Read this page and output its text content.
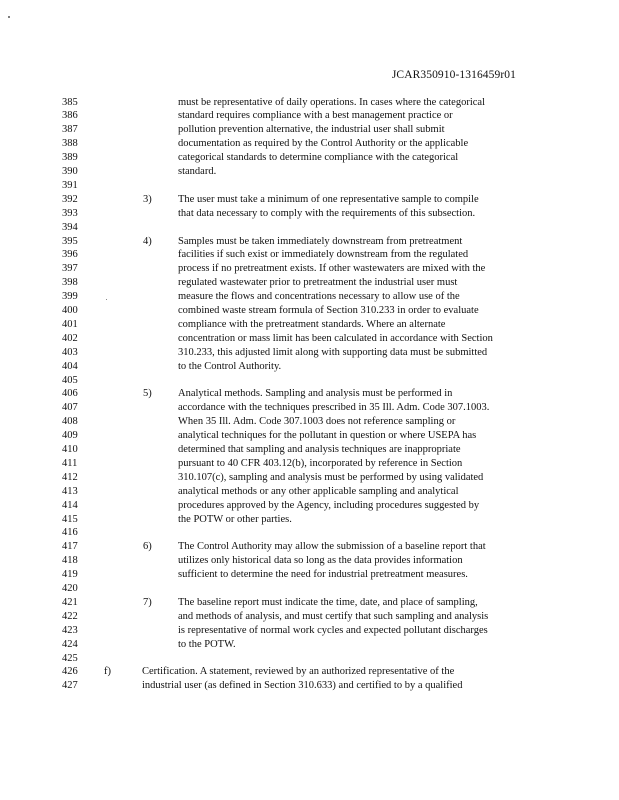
JCAR350910-1316459r01
385	must be representative of daily operations. In cases where the categorical
386	standard requires compliance with a best management practice or
387	pollution prevention alternative, the industrial user shall submit
388	documentation as required by the Control Authority or the applicable
389	categorical standards to determine compliance with the categorical
390	standard.
391
392	3)	The user must take a minimum of one representative sample to compile
393	that data necessary to comply with the requirements of this subsection.
394
395	4)	Samples must be taken immediately downstream from pretreatment
396	facilities if such exist or immediately downstream from the regulated
397	process if no pretreatment exists. If other wastewaters are mixed with the
398	regulated wastewater prior to pretreatment the industrial user must
399	measure the flows and concentrations necessary to allow use of the
400	combined waste stream formula of Section 310.233 in order to evaluate
401	compliance with the pretreatment standards. Where an alternate
402	concentration or mass limit has been calculated in accordance with Section
403	310.233, this adjusted limit along with supporting data must be submitted
404	to the Control Authority.
405
406	5)	Analytical methods. Sampling and analysis must be performed in
407	accordance with the techniques prescribed in 35 Ill. Adm. Code 307.1003.
408	When 35 Ill. Adm. Code 307.1003 does not reference sampling or
409	analytical techniques for the pollutant in question or where USEPA has
410	determined that sampling and analysis techniques are inappropriate
411	pursuant to 40 CFR 403.12(b), incorporated by reference in Section
412	310.107(c), sampling and analysis must be performed by using validated
413	analytical methods or any other applicable sampling and analytical
414	procedures approved by the Agency, including procedures suggested by
415	the POTW or other parties.
416
417	6)	The Control Authority may allow the submission of a baseline report that
418	utilizes only historical data so long as the data provides information
419	sufficient to determine the need for industrial pretreatment measures.
420
421	7)	The baseline report must indicate the time, date, and place of sampling,
422	and methods of analysis, and must certify that such sampling and analysis
423	is representative of normal work cycles and expected pollutant discharges
424	to the POTW.
425
426	f)	Certification. A statement, reviewed by an authorized representative of the
427	industrial user (as defined in Section 310.633) and certified to by a qualified
